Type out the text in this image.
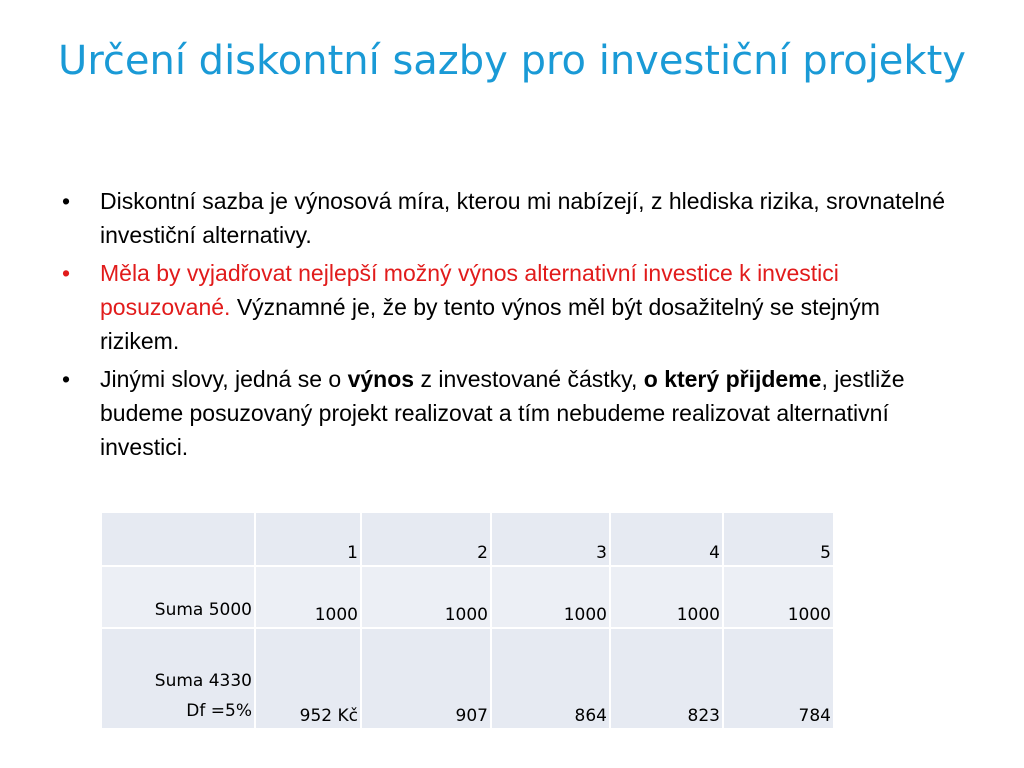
Určení diskontní sazby pro investiční projekty
• Diskontní sazba je výnosová míra, kterou mi nabízejí, z hlediska rizika, srovnatelné investiční alternativy.
• Měla by vyjadřovat nejlepší možný výnos alternativní investice k investici posuzované. Významné je, že by tento výnos měl být dosažitelný se stejným rizikem.
• Jinými slovy, jedná se o výnos z investované částky, o který přijdeme, jestliže budeme posuzovaný projekt realizovat a tím nebudeme realizovat alternativní investici.
	1	2	3	4	5
Suma 5000	1000	1000	1000	1000	1000
Suma 4330
Df =5%	952 Kč	907	864	823	784
